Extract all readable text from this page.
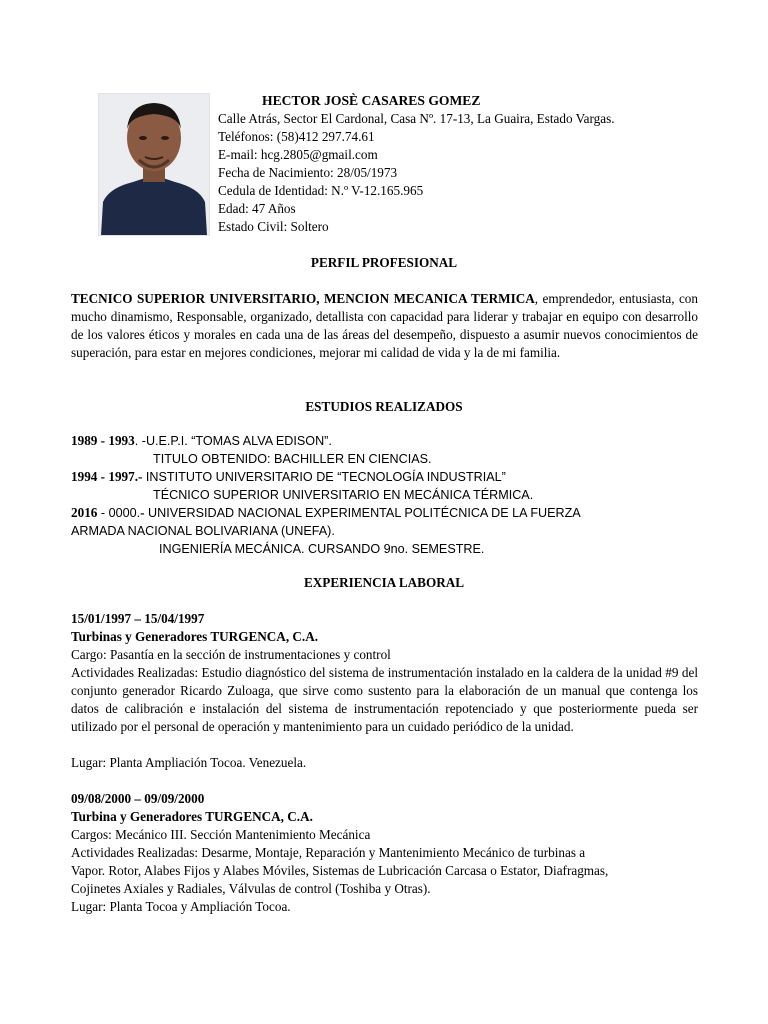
HECTOR JOSÈ CASARES GOMEZ
Calle Atrás, Sector El Cardonal, Casa Nº. 17-13, La Guaira, Estado Vargas.
Teléfonos: (58)412 297.74.61
E-mail: hcg.2805@gmail.com
Fecha de Nacimiento: 28/05/1973
Cedula de Identidad: N.º V-12.165.965
Edad: 47 Años
Estado Civil: Soltero
PERFIL PROFESIONAL
TECNICO SUPERIOR UNIVERSITARIO, MENCION MECANICA TERMICA, emprendedor, entusiasta, con mucho dinamismo, Responsable, organizado, detallista con capacidad para liderar y trabajar en equipo con desarrollo de los valores éticos y morales en cada una de las áreas del desempeño, dispuesto a asumir nuevos conocimientos de superación, para estar en mejores condiciones, mejorar mi calidad de vida y la de mi familia.
ESTUDIOS REALIZADOS
1989 - 1993. -U.E.P.I. “TOMAS ALVA EDISON”.
TITULO OBTENIDO: BACHILLER EN CIENCIAS.
1994 - 1997.- INSTITUTO UNIVERSITARIO DE “TECNOLOGÍA INDUSTRIAL”
TÉCNICO SUPERIOR UNIVERSITARIO EN MECÁNICA TÉRMICA.
2016 - 0000.- UNIVERSIDAD NACIONAL EXPERIMENTAL POLITÉCNICA DE LA FUERZA
ARMADA NACIONAL BOLIVARIANA (UNEFA).
INGENIERÍA MECÁNICA. CURSANDO 9no. SEMESTRE.
EXPERIENCIA LABORAL
15/01/1997 – 15/04/1997
Turbinas y Generadores TURGENCA, C.A.
Cargo: Pasantía en la sección de instrumentaciones y control
Actividades Realizadas: Estudio diagnóstico del sistema de instrumentación instalado en la caldera de la unidad #9 del conjunto generador Ricardo Zuloaga, que sirve como sustento para la elaboración de un manual que contenga los datos de calibración e instalación del sistema de instrumentación repotenciado y que posteriormente pueda ser utilizado por el personal de operación y mantenimiento para un cuidado periódico de la unidad.
Lugar: Planta Ampliación Tocoa. Venezuela.
09/08/2000 – 09/09/2000
Turbina y Generadores TURGENCA, C.A.
Cargos: Mecánico III. Sección Mantenimiento Mecánica
Actividades Realizadas: Desarme, Montaje, Reparación y Mantenimiento Mecánico de turbinas a
Vapor. Rotor, Alabes Fijos y Alabes Móviles, Sistemas de Lubricación Carcasa o Estator, Diafragmas,
Cojinetes Axiales y Radiales, Válvulas de control (Toshiba y Otras).
Lugar: Planta Tocoa y Ampliación Tocoa.
